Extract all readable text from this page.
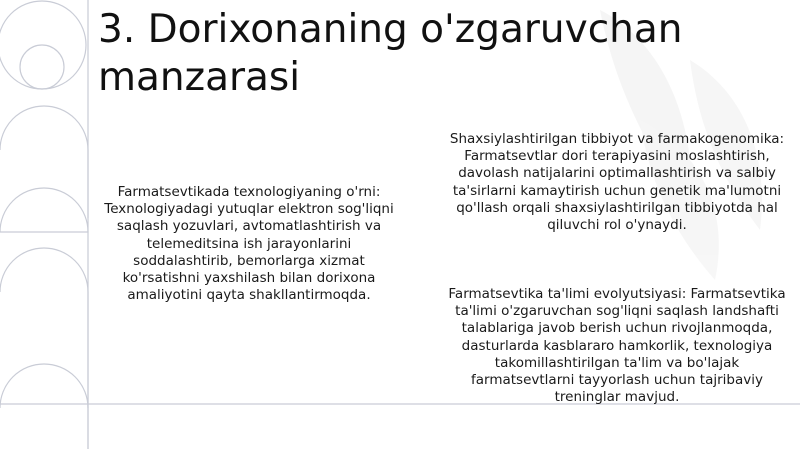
3. Dorixonaning o'zgaruvchan manzarasi

Farmatsevtikada texnologiyaning o'rni: Texnologiyadagi yutuqlar elektron sog'liqni saqlash yozuvlari, avtomatlashtirish va telemeditsina ish jarayonlarini soddalashtirib, bemorlarga xizmat ko'rsatishni yaxshilash bilan dorixona amaliyotini qayta shakllantirmoqda.

Shaxsiylashtirilgan tibbiyot va farmakogenomika: Farmatsevtlar dori terapiyasini moslashtirish, davolash natijalarini optimallashtirish va salbiy ta'sirlarni kamaytirish uchun genetik ma'lumotni qo'llash orqali shaxsiylashtirilgan tibbiyotda hal qiluvchi rol o'ynaydi.

Farmatsevtika ta'limi evolyutsiyasi: Farmatsevtika ta'limi o'zgaruvchan sog'liqni saqlash landshafti talablariga javob berish uchun rivojlanmoqda, dasturlarda kasblararo hamkorlik, texnologiya takomillashtirilgan ta'lim va bo'lajak farmatsevtlarni tayyorlash uchun tajribaviy treninglar mavjud.
